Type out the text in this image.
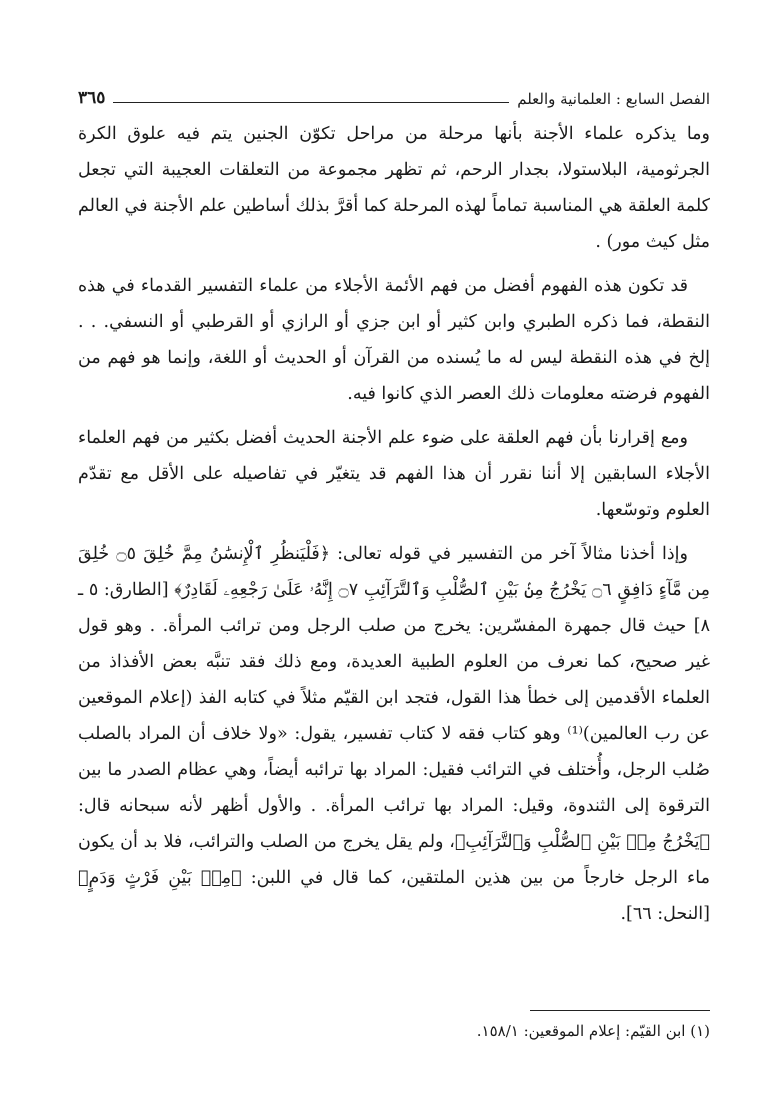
الفصل السابع : العلمانية والعلم
٣٦٥

وما يذكره علماء الأجنة بأنها مرحلة من مراحل تكوّن الجنين يتم فيه علوق الكرة الجرثومية، البلاستولا، بجدار الرحم، ثم تظهر مجموعة من التعلقات العجيبة التي تجعل كلمة العلقة هي المناسبة تماماً لهذه المرحلة كما أقرَّ بذلك أساطين علم الأجنة في العالم مثل كيث مور) .

قد تكون هذه الفهوم أفضل من فهم الأئمة الأجلاء من علماء التفسير القدماء في هذه النقطة، فما ذكره الطبري وابن كثير أو ابن جزي أو الرازي أو القرطبي أو النسفي. . . إلخ في هذه النقطة ليس له ما يُسنده من القرآن أو الحديث أو اللغة، وإنما هو فهم من الفهوم فرضته معلومات ذلك العصر الذي كانوا فيه.

ومع إقرارنا بأن فهم العلقة على ضوء علم الأجنة الحديث أفضل بكثير من فهم العلماء الأجلاء السابقين إلا أننا نقرر أن هذا الفهم قد يتغيّر في تفاصيله على الأقل مع تقدّم العلوم وتوسّعها.

وإذا أخذنا مثالاً آخر من التفسير في قوله تعالى: ﴿فَلْيَنظُرِ ٱلْإِنسَٰنُ مِمَّ خُلِقَ ۝٥ خُلِقَ مِن مَّآءٍ دَافِقٍ ۝٦ يَخْرُجُ مِنۢ بَيْنِ ٱلصُّلْبِ وَٱلتَّرَآئِبِ ۝٧ إِنَّهُۥ عَلَىٰ رَجْعِهِۦ لَقَادِرٌ﴾ [الطارق: ٥ ـ ٨] حيث قال جمهرة المفسّرين: يخرج من صلب الرجل ومن ترائب المرأة. . وهو قول غير صحيح، كما نعرف من العلوم الطبية العديدة، ومع ذلك فقد تنبَّه بعض الأفذاذ من العلماء الأقدمين إلى خطأ هذا القول، فتجد ابن القيّم مثلاً في كتابه الفذ (إعلام الموقعين عن رب العالمين)⁽¹⁾ وهو كتاب فقه لا كتاب تفسير، يقول: «ولا خلاف أن المراد بالصلب صُلب الرجل، وأُختلف في الترائب فقيل: المراد بها ترائبه أيضاً، وهي عظام الصدر ما بين الترقوة إلى الثندوة، وقيل: المراد بها ترائب المرأة. . والأول أظهر لأنه سبحانه قال: ﴿يَخْرُجُ مِنۢ بَيْنِ ٱلصُّلْبِ وَٱلتَّرَآئِبِ﴾، ولم يقل يخرج من الصلب والترائب، فلا بد أن يكون ماء الرجل خارجاً من بين هذين الملتقين، كما قال في اللبن: ﴿مِنۢ بَيْنِ فَرْثٍ وَدَمٍ﴾ [النحل: ٦٦].

(١) ابن القيّم: إعلام الموقعين: ١٥٨/١.
